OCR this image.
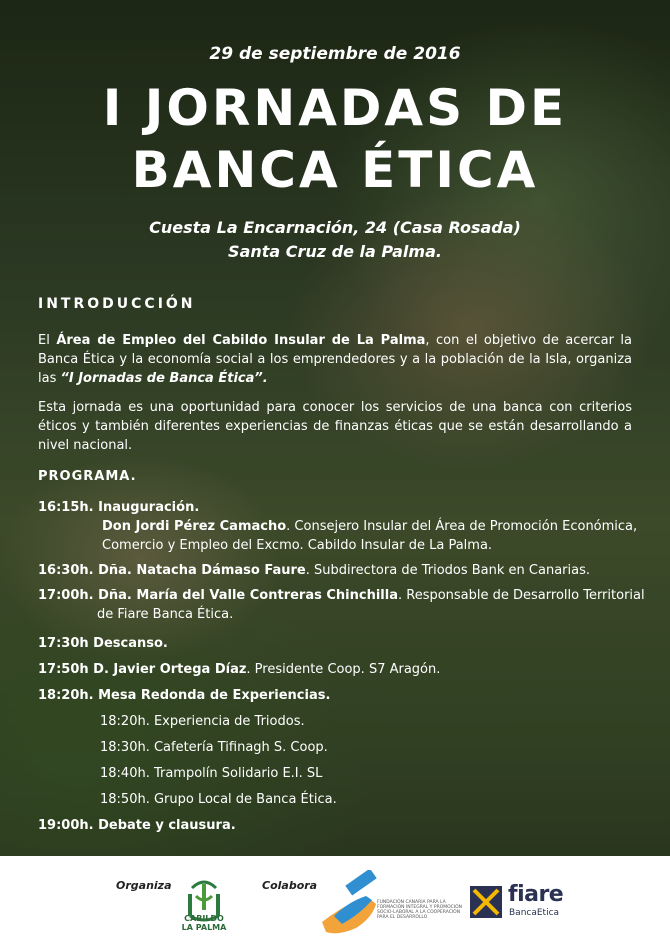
29 de septiembre de 2016
I JORNADAS DE
BANCA ÉTICA
Cuesta La Encarnación, 24 (Casa Rosada)
Santa Cruz de la Palma.
INTRODUCCIÓN
El Área de Empleo del Cabildo Insular de La Palma, con el objetivo de acercar la Banca Ética y la economía social a los emprendedores y a la población de la Isla, organiza las “I Jornadas de Banca Ética”.
Esta jornada es una oportunidad para conocer los servicios de una banca con criterios éticos y también diferentes experiencias de finanzas éticas que se están desarrollando a nivel nacional.
PROGRAMA.
16:15h. Inauguración.
Don Jordi Pérez Camacho. Consejero Insular del Área de Promoción Económica,
Comercio y Empleo del Excmo. Cabildo Insular de La Palma.
16:30h. Dña. Natacha Dámaso Faure. Subdirectora de Triodos Bank en Canarias.
17:00h. Dña. María del Valle Contreras Chinchilla. Responsable de Desarrollo Territorial
de Fiare Banca Ética.
17:30h Descanso.
17:50h D. Javier Ortega Díaz. Presidente Coop. S7 Aragón.
18:20h. Mesa Redonda de Experiencias.
18:20h. Experiencia de Triodos.
18:30h. Cafetería Tifinagh S. Coop.
18:40h. Trampolín Solidario E.I. SL
18:50h. Grupo Local de Banca Ética.
19:00h. Debate y clausura.
Organiza
CABILDO
LA PALMA
Colabora
FUNDACIÓN CANARIA PARA LA FORMACIÓN INTEGRAL Y PROMOCIÓN SOCIO-LABORAL A LA COOPERACIÓN PARA EL DESARROLLO
fiare
BancaEtica
